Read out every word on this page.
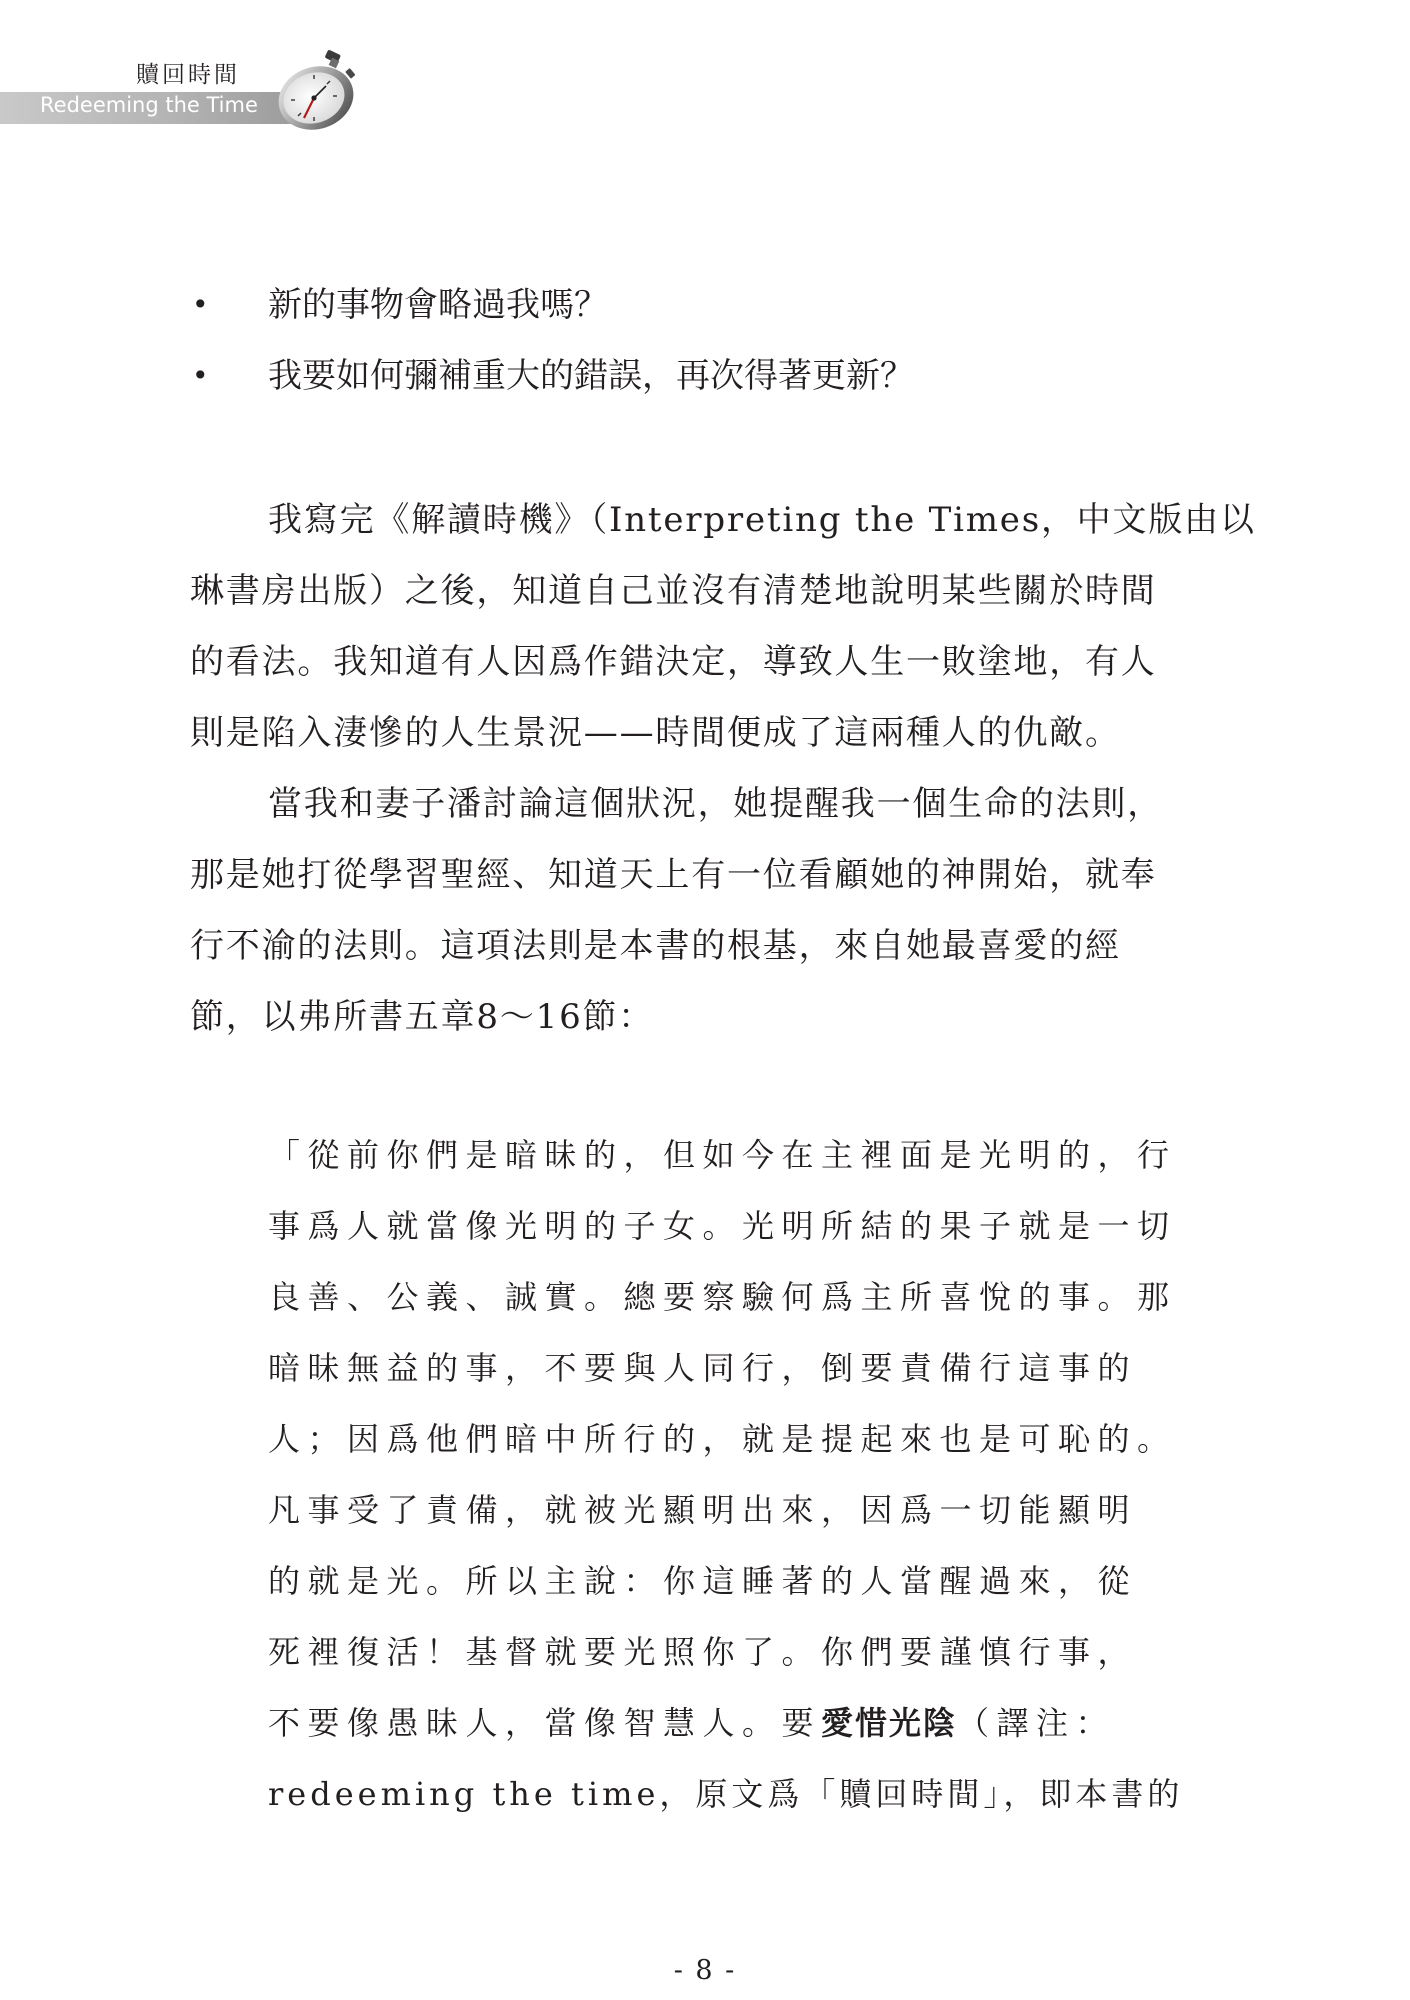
贖回時間
Redeeming the Time
• 新的事物會略過我嗎？
• 我要如何彌補重大的錯誤，再次得著更新？
我寫完《解讀時機》（Interpreting the Times，中文版由以
琳書房出版）之後，知道自己並沒有清楚地說明某些關於時間
的看法。我知道有人因爲作錯決定，導致人生一敗塗地，有人
則是陷入淒慘的人生景況——時間便成了這兩種人的仇敵。
當我和妻子潘討論這個狀況，她提醒我一個生命的法則，
那是她打從學習聖經、知道天上有一位看顧她的神開始，就奉
行不渝的法則。這項法則是本書的根基，來自她最喜愛的經
節，以弗所書五章8～16節：
「從前你們是暗昧的，但如今在主裡面是光明的，行
事爲人就當像光明的子女。光明所結的果子就是一切
良善、公義、誠實。總要察驗何爲主所喜悅的事。那
暗昧無益的事，不要與人同行，倒要責備行這事的
人；因爲他們暗中所行的，就是提起來也是可恥的。
凡事受了責備，就被光顯明出來，因爲一切能顯明
的就是光。所以主說：你這睡著的人當醒過來，從
死裡復活！基督就要光照你了。你們要謹慎行事，
不要像愚昧人，當像智慧人。要愛惜光陰（譯注：
redeeming the time，原文爲「贖回時間」，即本書的
- 8 -
